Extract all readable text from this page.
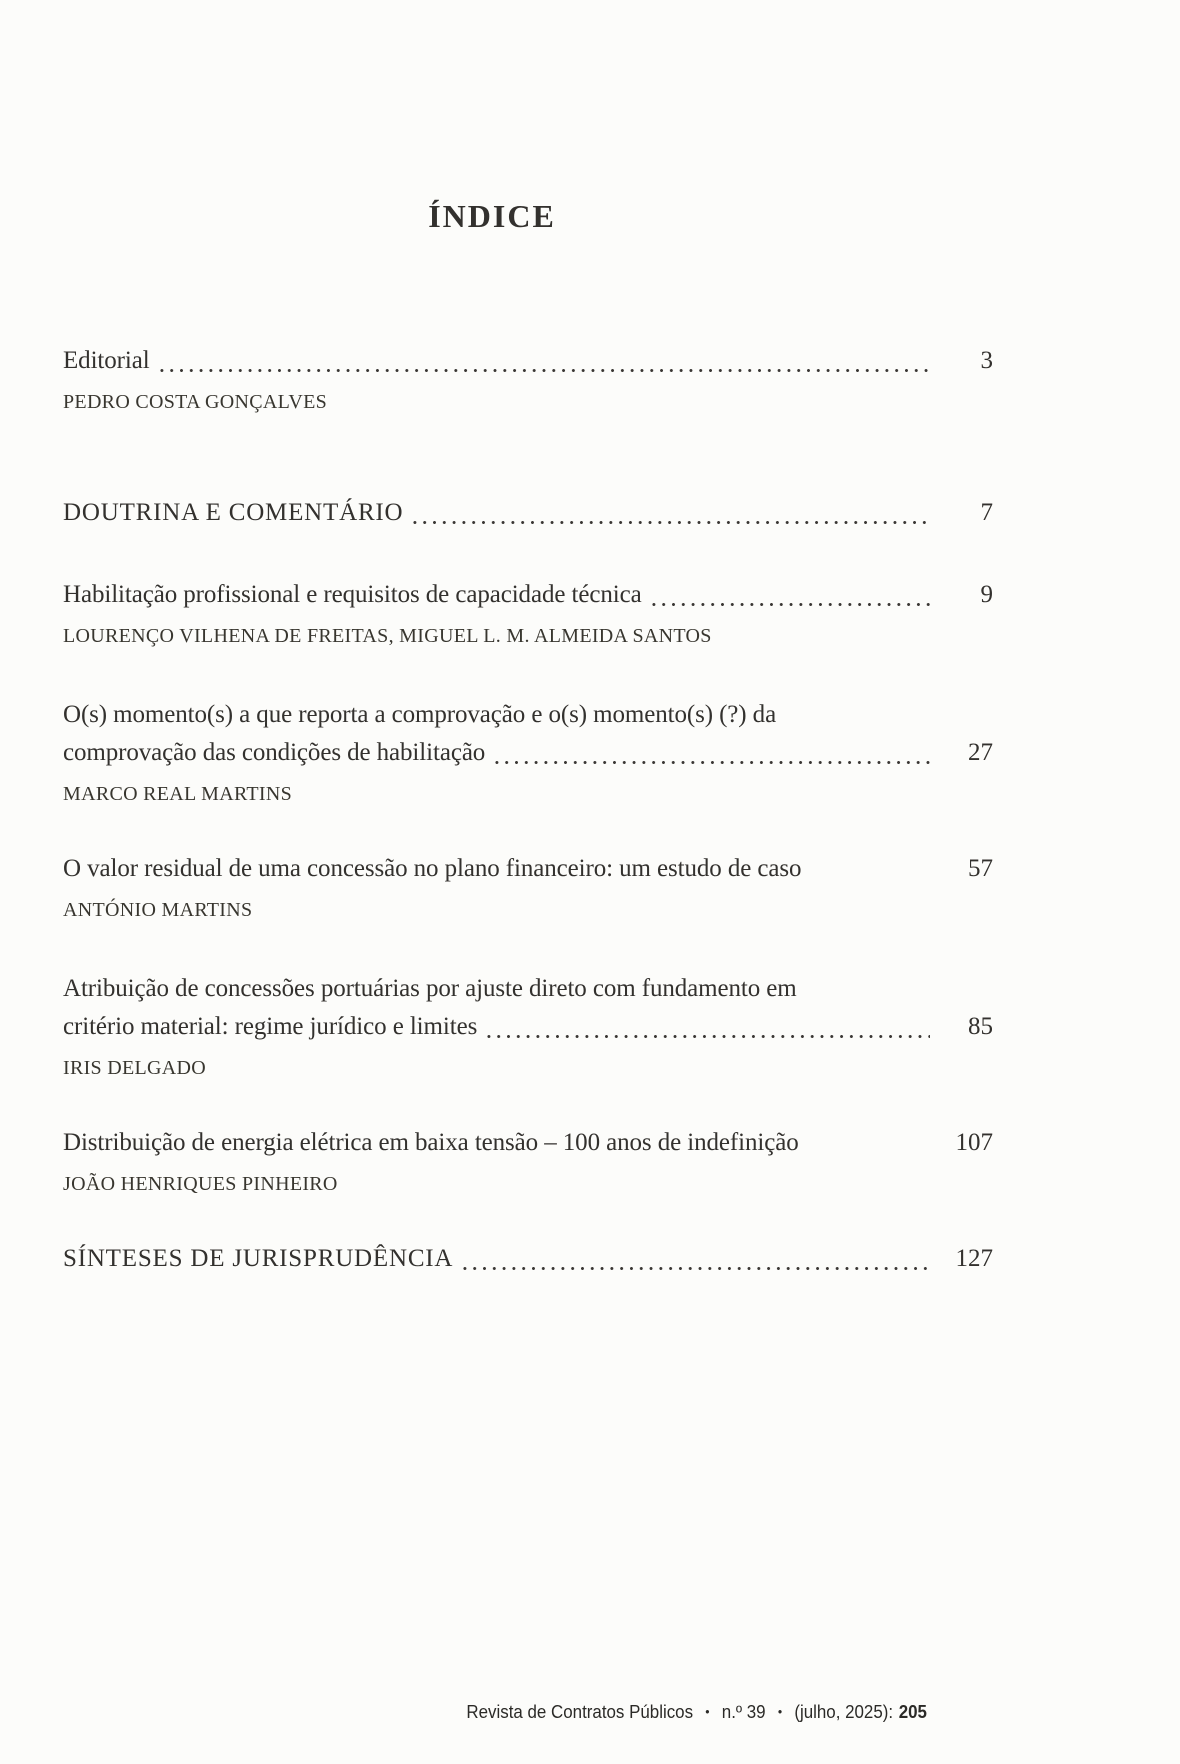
ÍNDICE
Editorial	3
PEDRO COSTA GONÇALVES
DOUTRINA E COMENTÁRIO	7
Habilitação profissional e requisitos de capacidade técnica	9
LOURENÇO VILHENA DE FREITAS, MIGUEL L. M. ALMEIDA SANTOS
O(s) momento(s) a que reporta a comprovação e o(s) momento(s) (?) da
comprovação das condições de habilitação	27
MARCO REAL MARTINS
O valor residual de uma concessão no plano financeiro: um estudo de caso	57
ANTÓNIO MARTINS
Atribuição de concessões portuárias por ajuste direto com fundamento em
critério material: regime jurídico e limites	85
IRIS DELGADO
Distribuição de energia elétrica em baixa tensão – 100 anos de indefinição	107
JOÃO HENRIQUES PINHEIRO
SÍNTESES DE JURISPRUDÊNCIA	127
Revista de Contratos Públicos • n.º 39 • (julho, 2025): 205
